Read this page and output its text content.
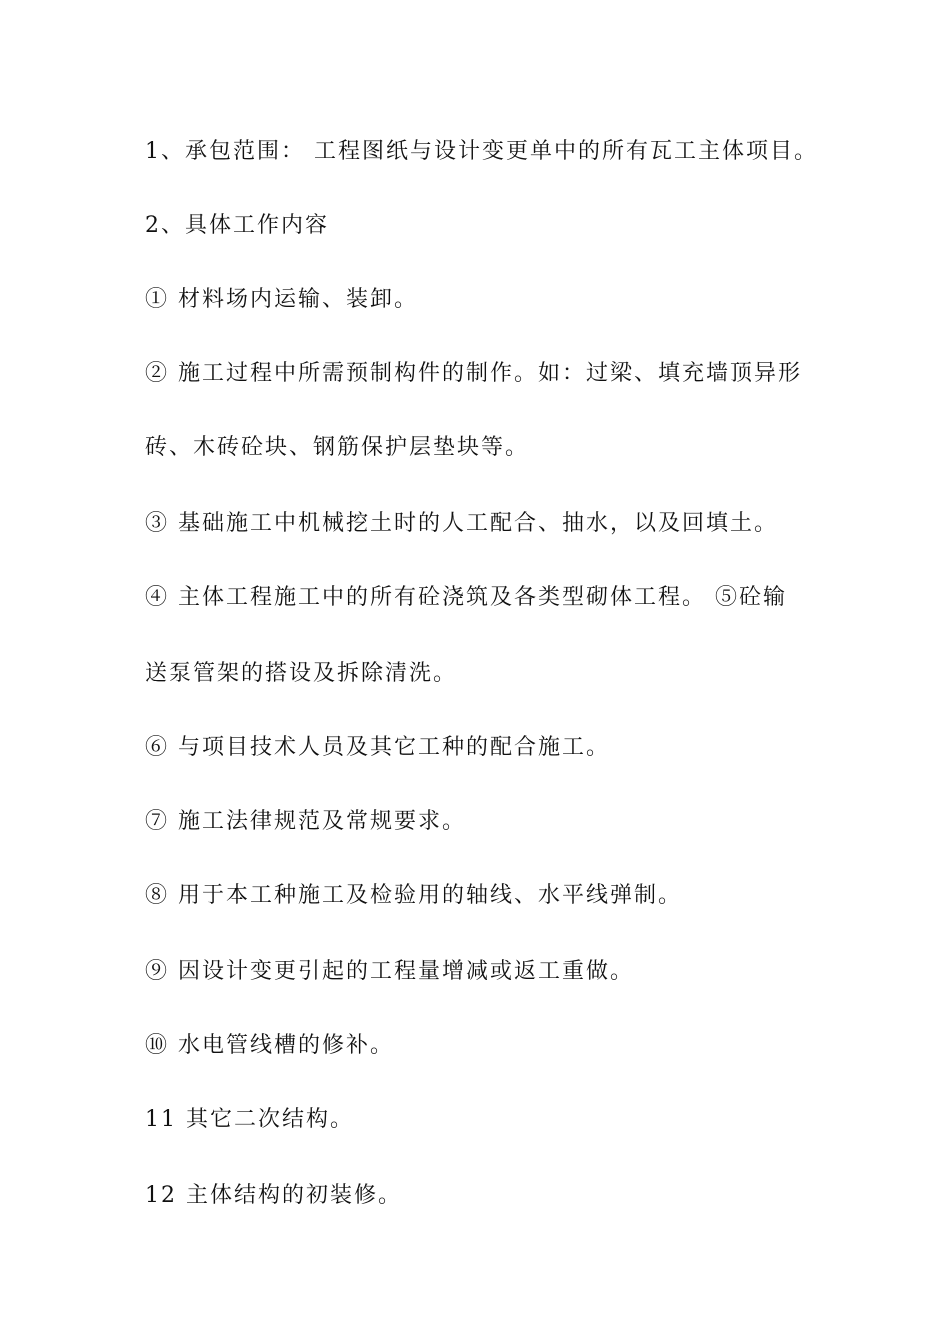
1、承包范围： 工程图纸与设计变更单中的所有瓦工主体项目。
2、具体工作内容
① 材料场内运输、装卸。
② 施工过程中所需预制构件的制作。如：过梁、填充墙顶异形
砖、木砖砼块、钢筋保护层垫块等。
③ 基础施工中机械挖土时的人工配合、抽水，以及回填土。
④ 主体工程施工中的所有砼浇筑及各类型砌体工程。 ⑤砼输
送泵管架的搭设及拆除清洗。
⑥ 与项目技术人员及其它工种的配合施工。
⑦ 施工法律规范及常规要求。
⑧ 用于本工种施工及检验用的轴线、水平线弹制。
⑨ 因设计变更引起的工程量增减或返工重做。
⑩ 水电管线槽的修补。
11 其它二次结构。
12 主体结构的初装修。
